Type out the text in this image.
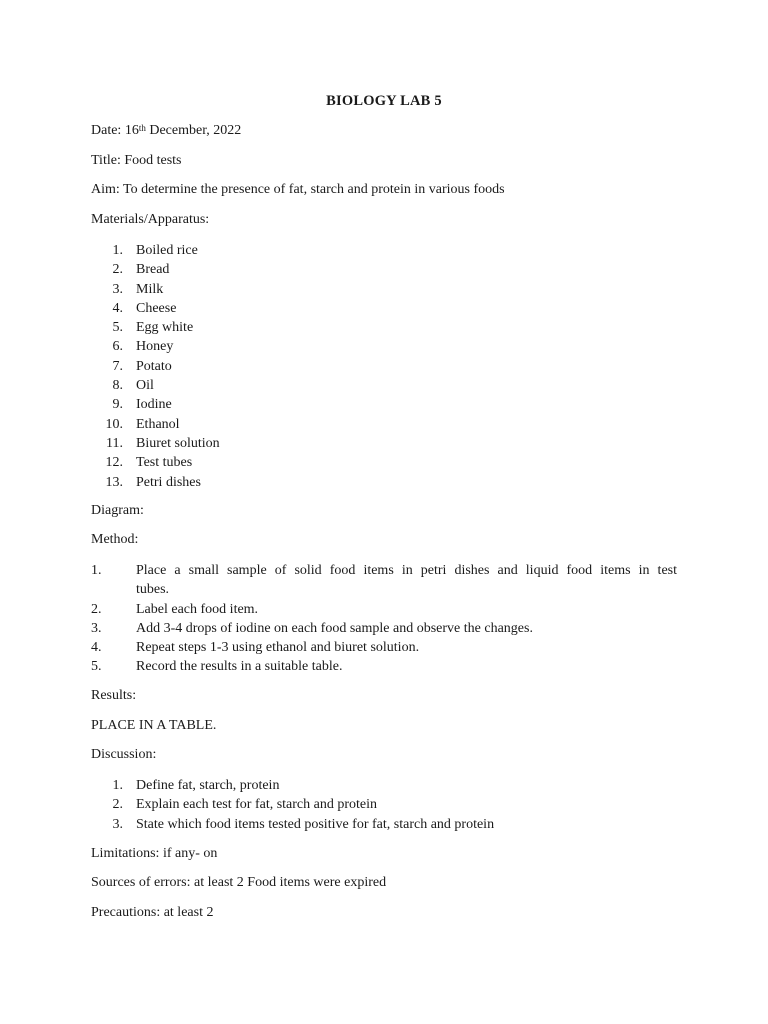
BIOLOGY LAB 5
Date: 16th December, 2022
Title: Food tests
Aim: To determine the presence of fat, starch and protein in various foods
Materials/Apparatus:
1. Boiled rice
2. Bread
3. Milk
4. Cheese
5. Egg white
6. Honey
7. Potato
8. Oil
9. Iodine
10. Ethanol
11. Biuret solution
12. Test tubes
13. Petri dishes
Diagram:
Method:
1.	Place a small sample of solid food items in petri dishes and liquid food items in test
tubes.
2.	Label each food item.
3.	Add 3-4 drops of iodine on each food sample and observe the changes.
4.	Repeat steps 1-3 using ethanol and biuret solution.
5.	Record the results in a suitable table.
Results:
PLACE IN A TABLE.
Discussion:
1. Define fat, starch, protein
2. Explain each test for fat, starch and protein
3. State which food items tested positive for fat, starch and protein
Limitations: if any- on
Sources of errors: at least 2 Food items were expired
Precautions: at least 2
